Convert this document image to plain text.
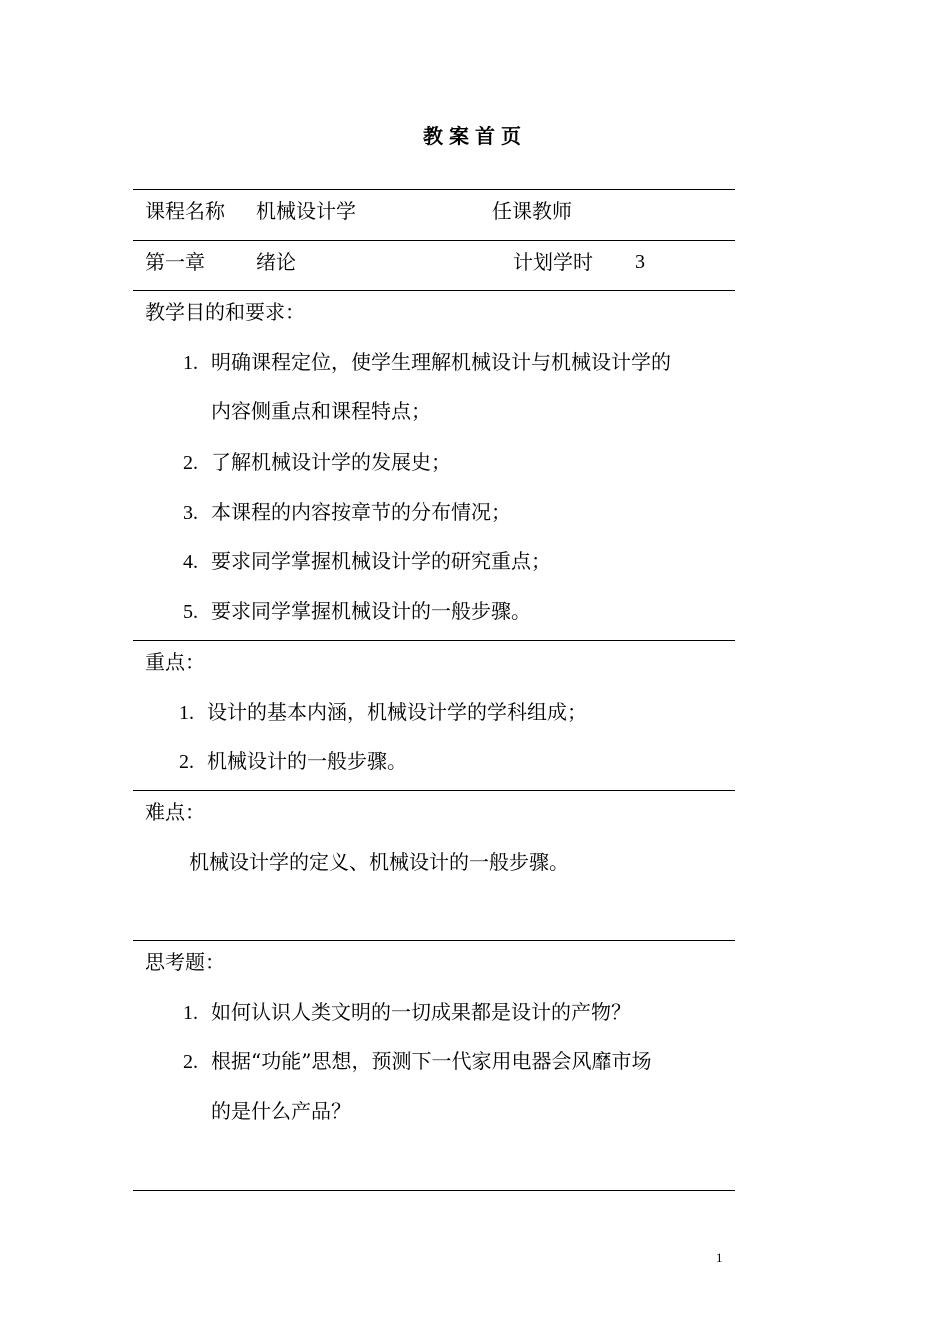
教案首页
课程名称 机械设计学	任课教师
第一章	绪论	计划学时 3
教学目的和要求：
1. 明确课程定位，使学生理解机械设计与机械设计学的
内容侧重点和课程特点；
2. 了解机械设计学的发展史；
3. 本课程的内容按章节的分布情况；
4. 要求同学掌握机械设计学的研究重点；
5. 要求同学掌握机械设计的一般步骤。
重点：
1. 设计的基本内涵，机械设计学的学科组成；
2. 机械设计的一般步骤。
难点：
机械设计学的定义、机械设计的一般步骤。
思考题：
1. 如何认识人类文明的一切成果都是设计的产物？
2. 根据“功能”思想，预测下一代家用电器会风靡市场
的是什么产品？
1
